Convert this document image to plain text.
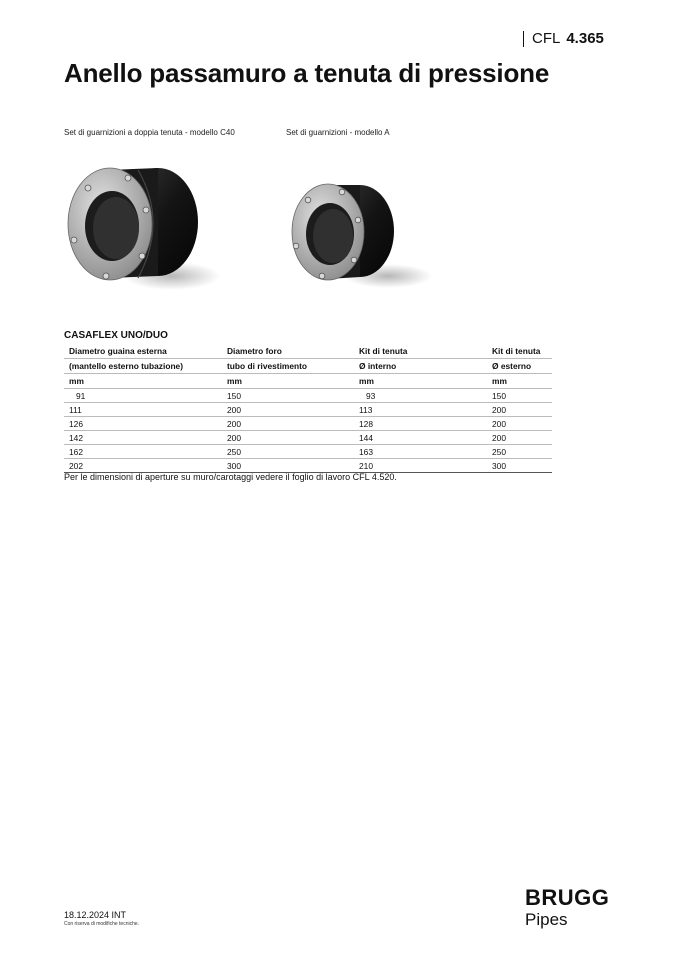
CFL 4.365
Anello passamuro a tenuta di pressione
Set di guarnizioni a doppia tenuta - modello C40	Set di guarnizioni - modello A
CASAFLEX UNO/DUO
Diametro guaina esterna	Diametro foro	Kit di tenuta	Kit di tenuta
(mantello esterno tubazione)	tubo di rivestimento	Ø interno	Ø esterno
mm	mm	mm	mm
91	150	93	150
111	200	113	200
126	200	128	200
142	200	144	200
162	250	163	250
202	300	210	300
Per le dimensioni di aperture su muro/carotaggi vedere il foglio di lavoro CFL 4.520.
18.12.2024 INT
Con riserva di modifiche tecniche.
BRUGG
Pipes
